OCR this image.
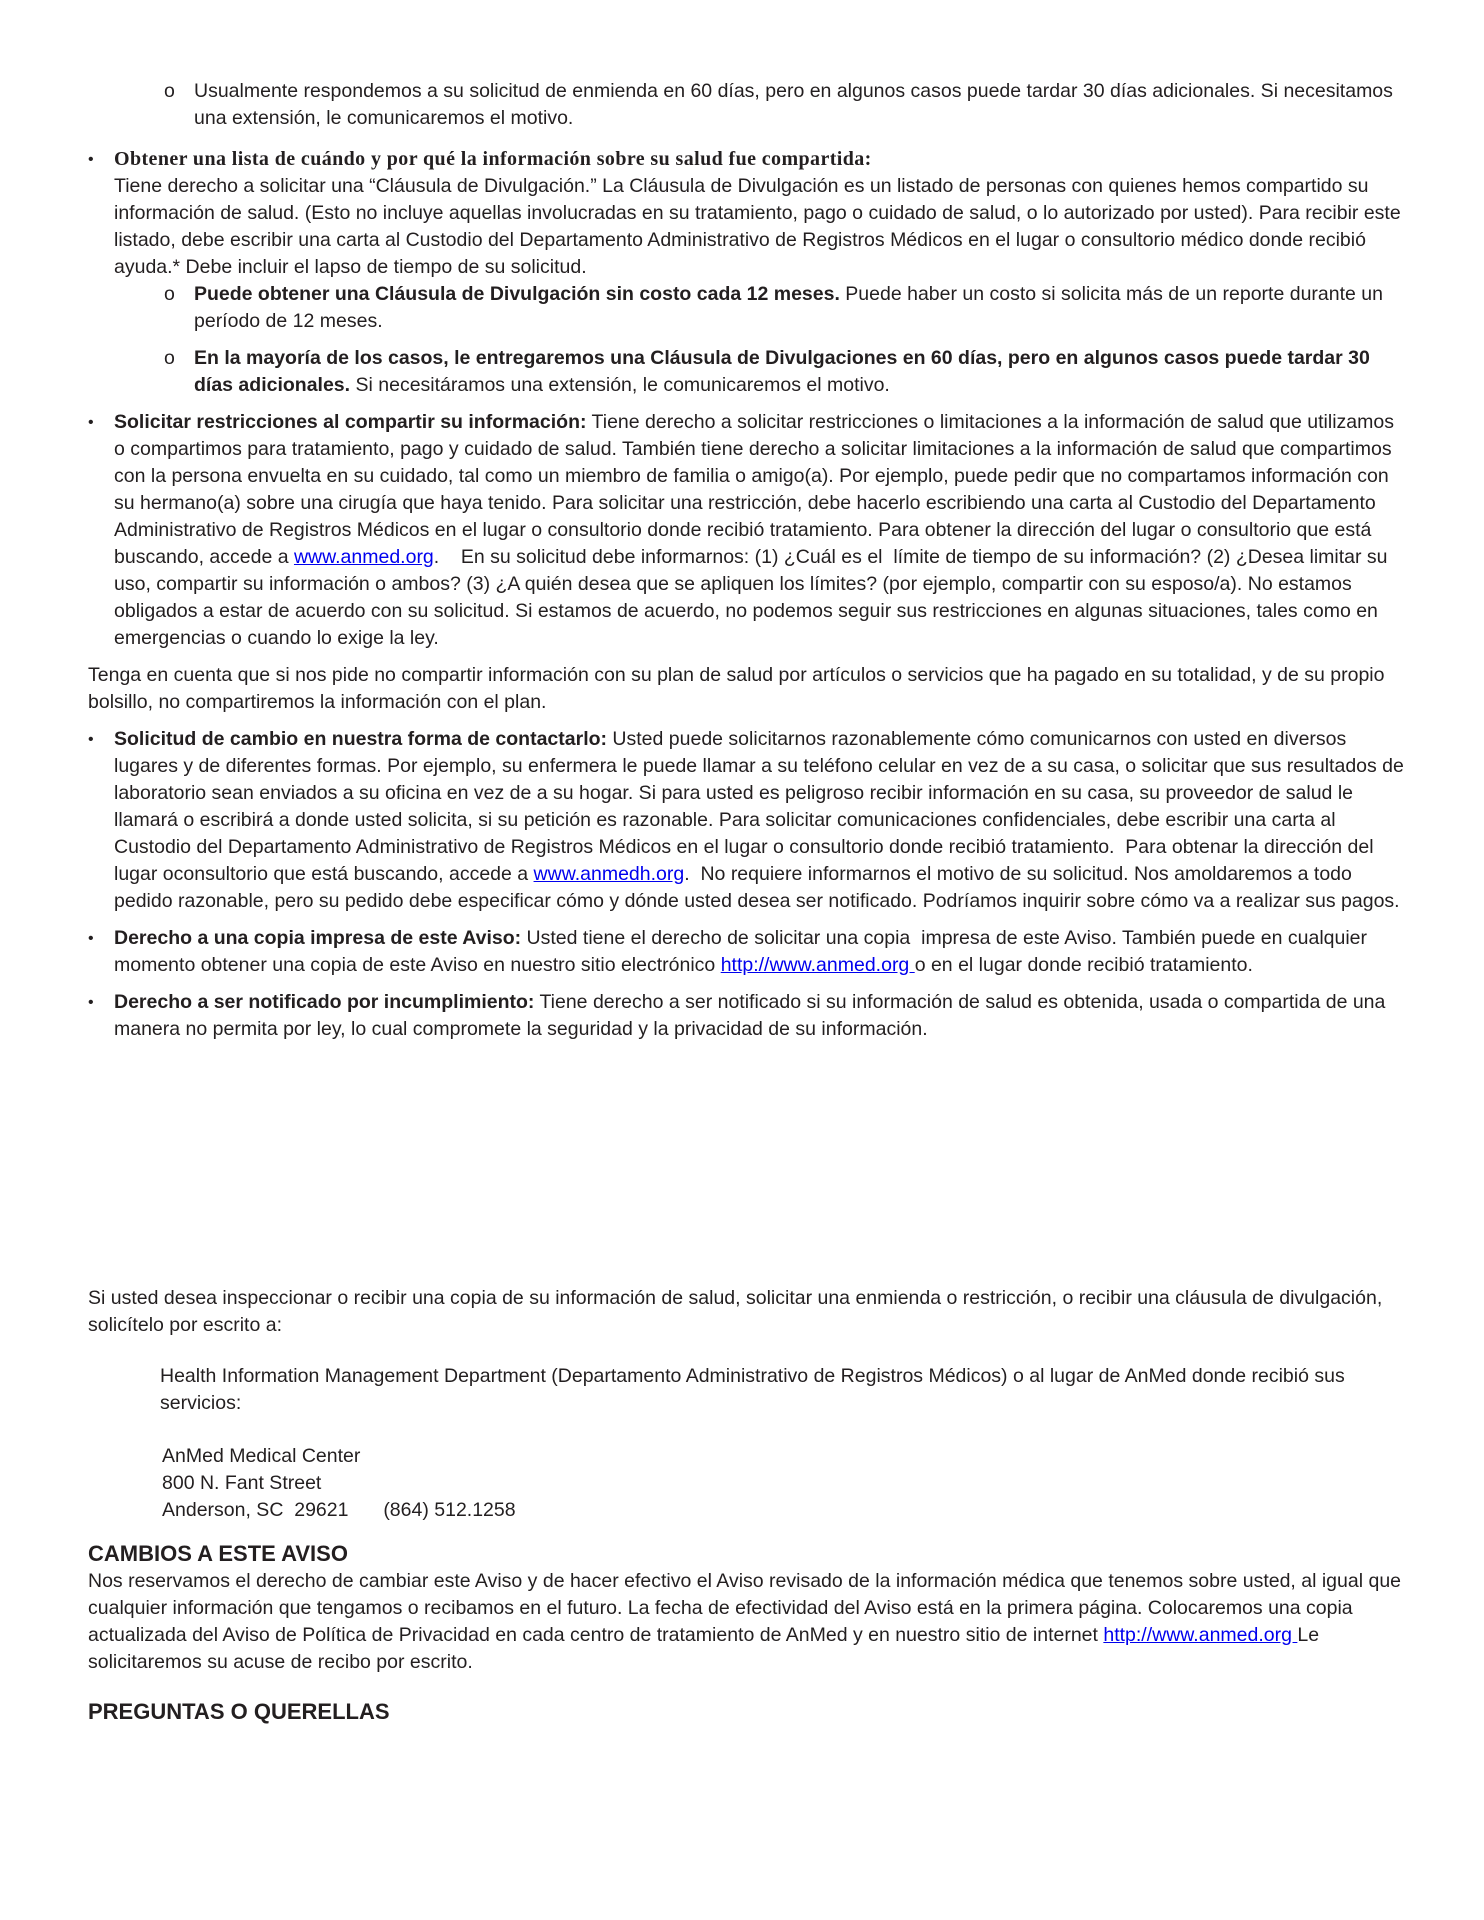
o Usualmente respondemos a su solicitud de enmienda en 60 días, pero en algunos casos puede tardar 30 días adicionales. Si necesitamos una extensión, le comunicaremos el motivo.
• Obtener una lista de cuándo y por qué la información sobre su salud fue compartida:
Tiene derecho a solicitar una “Cláusula de Divulgación.” La Cláusula de Divulgación es un listado de personas con quienes hemos compartido su información de salud. (Esto no incluye aquellas involucradas en su tratamiento, pago o cuidado de salud, o lo autorizado por usted). Para recibir este listado, debe escribir una carta al Custodio del Departamento Administrativo de Registros Médicos en el lugar o consultorio médico donde recibió ayuda.* Debe incluir el lapso de tiempo de su solicitud.
o Puede obtener una Cláusula de Divulgación sin costo cada 12 meses. Puede haber un costo si solicita más de un reporte durante un período de 12 meses.
o En la mayoría de los casos, le entregaremos una Cláusula de Divulgaciones en 60 días, pero en algunos casos puede tardar 30 días adicionales. Si necesitáramos una extensión, le comunicaremos el motivo.
• Solicitar restricciones al compartir su información: Tiene derecho a solicitar restricciones o limitaciones a la información de salud que utilizamos o compartimos para tratamiento, pago y cuidado de salud. También tiene derecho a solicitar limitaciones a la información de salud que compartimos con la persona envuelta en su cuidado, tal como un miembro de familia o amigo(a). Por ejemplo, puede pedir que no compartamos información con su hermano(a) sobre una cirugía que haya tenido. Para solicitar una restricción, debe hacerlo escribiendo una carta al Custodio del Departamento Administrativo de Registros Médicos en el lugar o consultorio donde recibió tratamiento. Para obtener la dirección del lugar o consultorio que está buscando, accede a www.anmed.org.    En su solicitud debe informarnos: (1) ¿Cuál es el  límite de tiempo de su información? (2) ¿Desea limitar su uso, compartir su información o ambos? (3) ¿A quién desea que se apliquen los límites? (por ejemplo, compartir con su esposo/a). No estamos obligados a estar de acuerdo con su solicitud. Si estamos de acuerdo, no podemos seguir sus restricciones en algunas situaciones, tales como en emergencias o cuando lo exige la ley.
Tenga en cuenta que si nos pide no compartir información con su plan de salud por artículos o servicios que ha pagado en su totalidad, y de su propio bolsillo, no compartiremos la información con el plan.
• Solicitud de cambio en nuestra forma de contactarlo: Usted puede solicitarnos razonablemente cómo comunicarnos con usted en diversos lugares y de diferentes formas. Por ejemplo, su enfermera le puede llamar a su teléfono celular en vez de a su casa, o solicitar que sus resultados de laboratorio sean enviados a su oficina en vez de a su hogar. Si para usted es peligroso recibir información en su casa, su proveedor de salud le llamará o escribirá a donde usted solicita, si su petición es razonable. Para solicitar comunicaciones confidenciales, debe escribir una carta al Custodio del Departamento Administrativo de Registros Médicos en el lugar o consultorio donde recibió tratamiento.  Para obtenar la dirección del lugar oconsultorio que está buscando, accede a www.anmedh.org.  No requiere informarnos el motivo de su solicitud. Nos amoldaremos a todo pedido razonable, pero su pedido debe especificar cómo y dónde usted desea ser notificado. Podríamos inquirir sobre cómo va a realizar sus pagos.
• Derecho a una copia impresa de este Aviso: Usted tiene el derecho de solicitar una copia  impresa de este Aviso. También puede en cualquier momento obtener una copia de este Aviso en nuestro sitio electrónico http://www.anmed.org o en el lugar donde recibió tratamiento.
• Derecho a ser notificado por incumplimiento: Tiene derecho a ser notificado si su información de salud es obtenida, usada o compartida de una manera no permita por ley, lo cual compromete la seguridad y la privacidad de su información.
Si usted desea inspeccionar o recibir una copia de su información de salud, solicitar una enmienda o restricción, o recibir una cláusula de divulgación, solicítelo por escrito a:
Health Information Management Department (Departamento Administrativo de Registros Médicos) o al lugar de AnMed donde recibió sus servicios:
AnMed Medical Center
800 N. Fant Street
Anderson, SC  29621 (864) 512.1258
CAMBIOS A ESTE AVISO
Nos reservamos el derecho de cambiar este Aviso y de hacer efectivo el Aviso revisado de la información médica que tenemos sobre usted, al igual que cualquier información que tengamos o recibamos en el futuro. La fecha de efectividad del Aviso está en la primera página. Colocaremos una copia actualizada del Aviso de Política de Privacidad en cada centro de tratamiento de AnMed y en nuestro sitio de internet http://www.anmed.org Le solicitaremos su acuse de recibo por escrito.
PREGUNTAS O QUERELLAS
